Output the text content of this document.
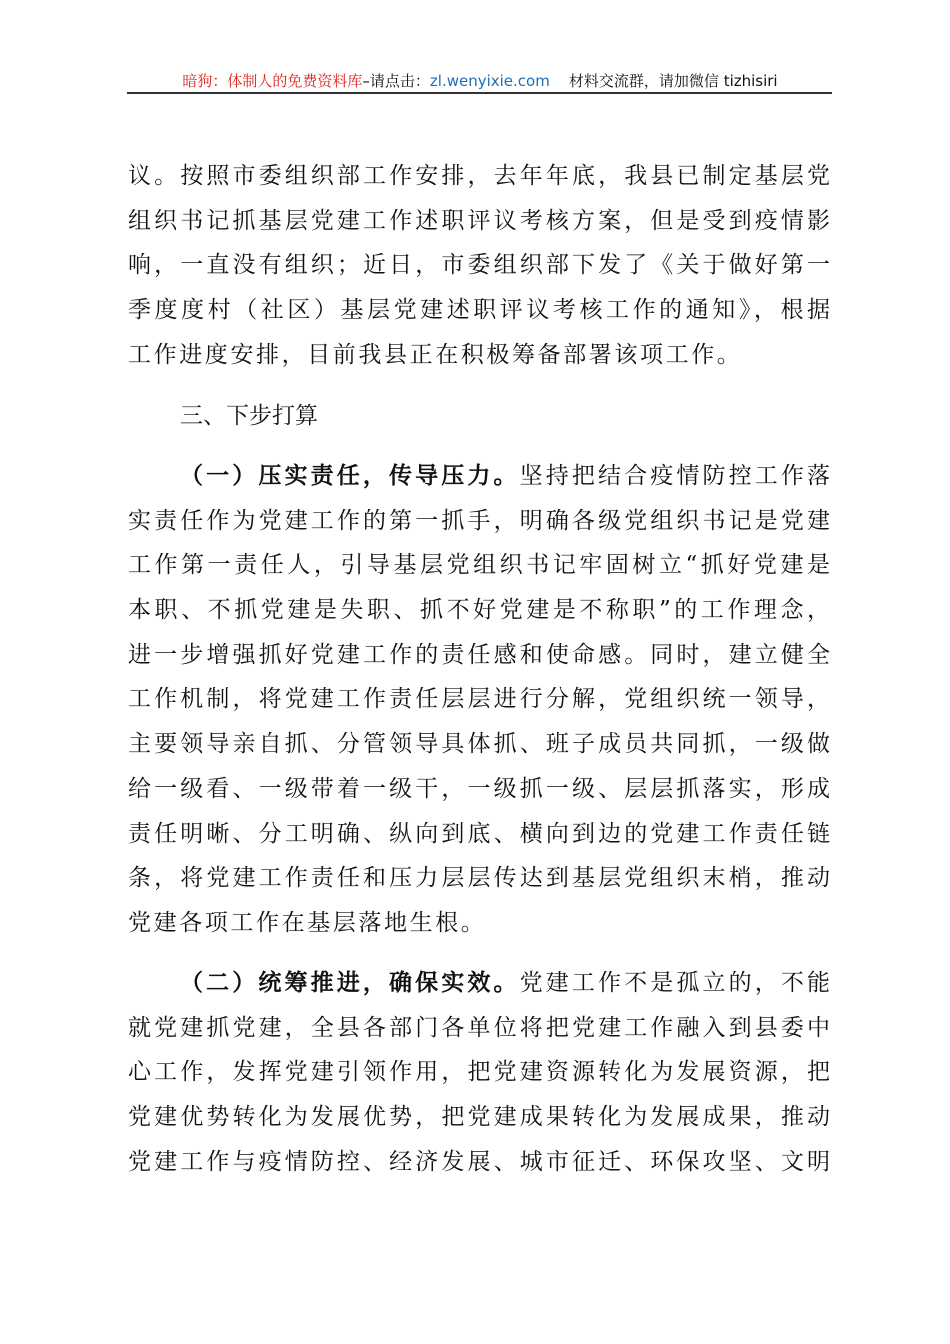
暗狗：体制人的免费资料库–请点击：zl.wenyixie.com 材料交流群，请加微信 tizhisiri
议。按照市委组织部工作安排，去年年底，我县已制定基层党
组织书记抓基层党建工作述职评议考核方案，但是受到疫情影
响，一直没有组织；近日，市委组织部下发了《关于做好第一
季度度村（社区）基层党建述职评议考核工作的通知》，根据
工作进度安排，目前我县正在积极筹备部署该项工作。
三、下步打算
（一）压实责任，传导压力。坚持把结合疫情防控工作落
实责任作为党建工作的第一抓手，明确各级党组织书记是党建
工作第一责任人，引导基层党组织书记牢固树立“抓好党建是
本职、不抓党建是失职、抓不好党建是不称职”的工作理念，
进一步增强抓好党建工作的责任感和使命感。同时，建立健全
工作机制，将党建工作责任层层进行分解，党组织统一领导，
主要领导亲自抓、分管领导具体抓、班子成员共同抓，一级做
给一级看、一级带着一级干，一级抓一级、层层抓落实，形成
责任明晰、分工明确、纵向到底、横向到边的党建工作责任链
条，将党建工作责任和压力层层传达到基层党组织末梢，推动
党建各项工作在基层落地生根。
（二）统筹推进，确保实效。党建工作不是孤立的，不能
就党建抓党建，全县各部门各单位将把党建工作融入到县委中
心工作，发挥党建引领作用，把党建资源转化为发展资源，把
党建优势转化为发展优势，把党建成果转化为发展成果，推动
党建工作与疫情防控、经济发展、城市征迁、环保攻坚、文明
